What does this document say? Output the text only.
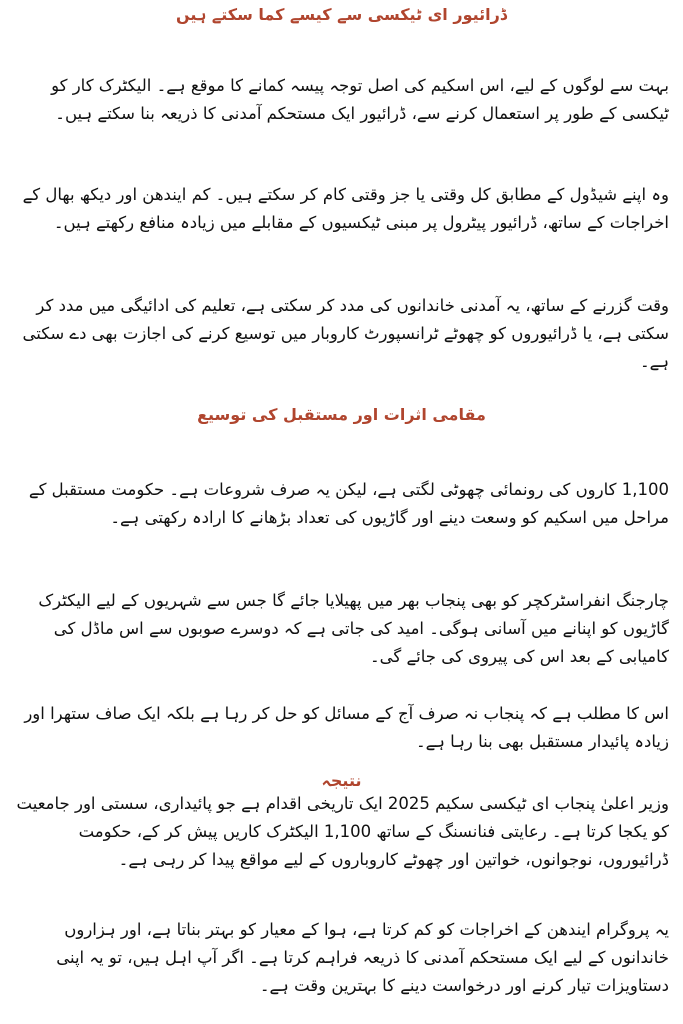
ڈرائیور ای ٹیکسی سے کیسے کما سکتے ہیں

بہت سے لوگوں کے لیے، اس اسکیم کی اصل توجہ پیسہ کمانے کا موقع ہے۔ الیکٹرک کار کو ٹیکسی کے طور پر استعمال کرنے سے، ڈرائیور ایک مستحکم آمدنی کا ذریعہ بنا سکتے ہیں۔

وہ اپنے شیڈول کے مطابق کل وقتی یا جز وقتی کام کر سکتے ہیں۔ کم ایندھن اور دیکھ بھال کے اخراجات کے ساتھ، ڈرائیور پیٹرول پر مبنی ٹیکسیوں کے مقابلے میں زیادہ منافع رکھتے ہیں۔

وقت گزرنے کے ساتھ، یہ آمدنی خاندانوں کی مدد کر سکتی ہے، تعلیم کی ادائیگی میں مدد کر سکتی ہے، یا ڈرائیوروں کو چھوٹے ٹرانسپورٹ کاروبار میں توسیع کرنے کی اجازت بھی دے سکتی ہے۔

مقامی اثرات اور مستقبل کی توسیع

1,100 کاروں کی رونمائی چھوٹی لگتی ہے، لیکن یہ صرف شروعات ہے۔ حکومت مستقبل کے مراحل میں اسکیم کو وسعت دینے اور گاڑیوں کی تعداد بڑھانے کا ارادہ رکھتی ہے۔

چارجنگ انفراسٹرکچر کو بھی پنجاب بھر میں پھیلایا جائے گا جس سے شہریوں کے لیے الیکٹرک گاڑیوں کو اپنانے میں آسانی ہوگی۔ امید کی جاتی ہے کہ دوسرے صوبوں سے اس ماڈل کی کامیابی کے بعد اس کی پیروی کی جائے گی۔

اس کا مطلب ہے کہ پنجاب نہ صرف آج کے مسائل کو حل کر رہا ہے بلکہ ایک صاف ستھرا اور زیادہ پائیدار مستقبل بھی بنا رہا ہے۔

نتیجہ

وزیر اعلیٰ پنجاب ای ٹیکسی سکیم 2025 ایک تاریخی اقدام ہے جو پائیداری، سستی اور جامعیت کو یکجا کرتا ہے۔ رعایتی فنانسنگ کے ساتھ 1,100 الیکٹرک کاریں پیش کر کے، حکومت ڈرائیوروں، نوجوانوں، خواتین اور چھوٹے کاروباروں کے لیے مواقع پیدا کر رہی ہے۔

یہ پروگرام ایندھن کے اخراجات کو کم کرتا ہے، ہوا کے معیار کو بہتر بناتا ہے، اور ہزاروں خاندانوں کے لیے ایک مستحکم آمدنی کا ذریعہ فراہم کرتا ہے۔ اگر آپ اہل ہیں، تو یہ اپنی دستاویزات تیار کرنے اور درخواست دینے کا بہترین وقت ہے۔
